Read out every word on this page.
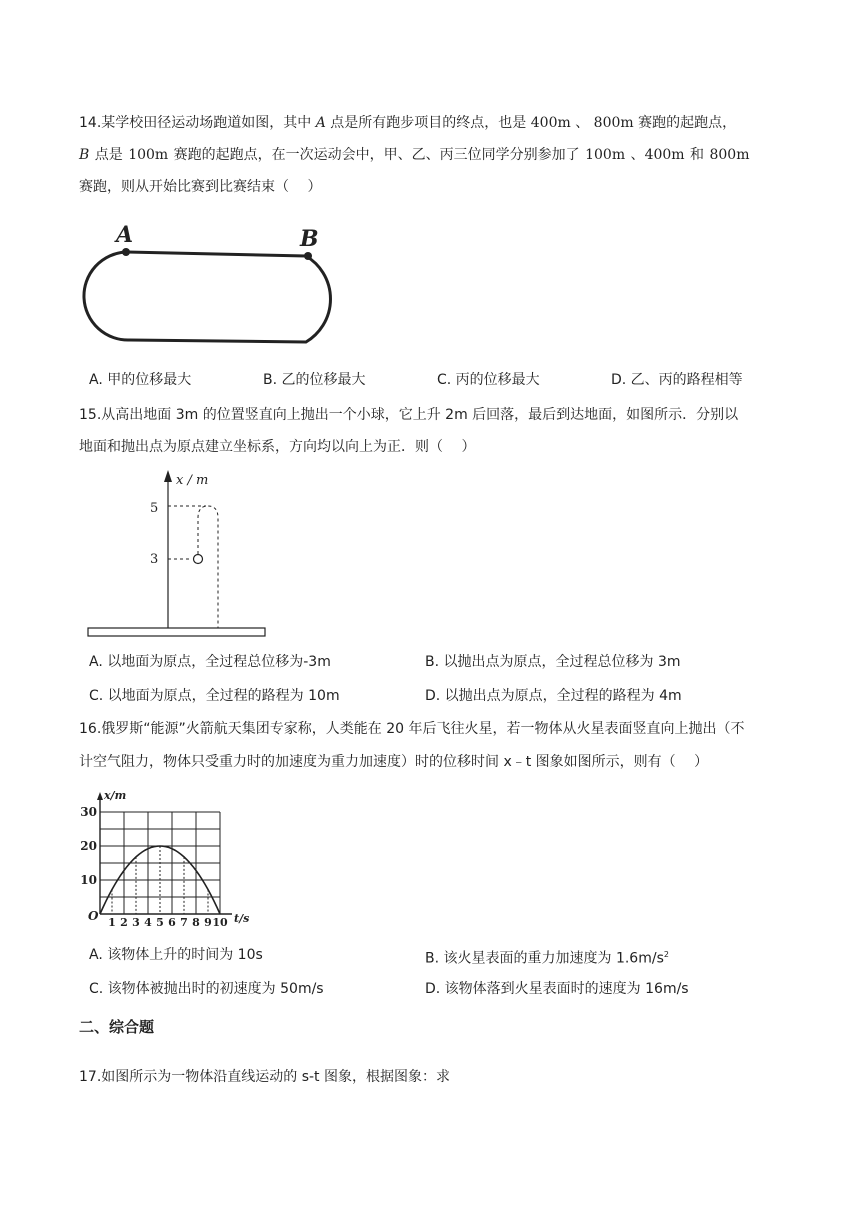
14.某学校田径运动场跑道如图，其中 A 点是所有跑步项目的终点，也是 400m 、 800m 赛跑的起跑点，
B 点是 100m 赛跑的起跑点，在一次运动会中，甲、乙、丙三位同学分别参加了 100m 、400m 和 800m
赛跑，则从开始比赛到比赛结束（　 ）
A	B
A. 甲的位移最大	B. 乙的位移最大	C. 丙的位移最大	D. 乙、丙的路程相等
15.从高出地面 3m 的位置竖直向上抛出一个小球，它上升 2m 后回落，最后到达地面，如图所示．分别以
地面和抛出点为原点建立坐标系，方向均以向上为正．则（　 ）
x / m
5
3
A. 以地面为原点，全过程总位移为-3m	B. 以抛出点为原点，全过程总位移为 3m
C. 以地面为原点，全过程的路程为 10m	D. 以抛出点为原点，全过程的路程为 4m
16.俄罗斯“能源”火箭航天集团专家称，人类能在 20 年后飞往火星，若一物体从火星表面竖直向上抛出（不
计空气阻力，物体只受重力时的加速度为重力加速度）时的位移时间 x﹣t 图象如图所示，则有（　 ）
1 2 3 4 5 6 7 8 9 10
10
20
30
x/m
t/s
O
A. 该物体上升的时间为 10s	B. 该火星表面的重力加速度为 $1.6m/s^2$
C. 该物体被抛出时的初速度为 50m/s	D. 该物体落到火星表面时的速度为 16m/s
二、综合题
17.如图所示为一物体沿直线运动的 s-t 图象，根据图象：求
